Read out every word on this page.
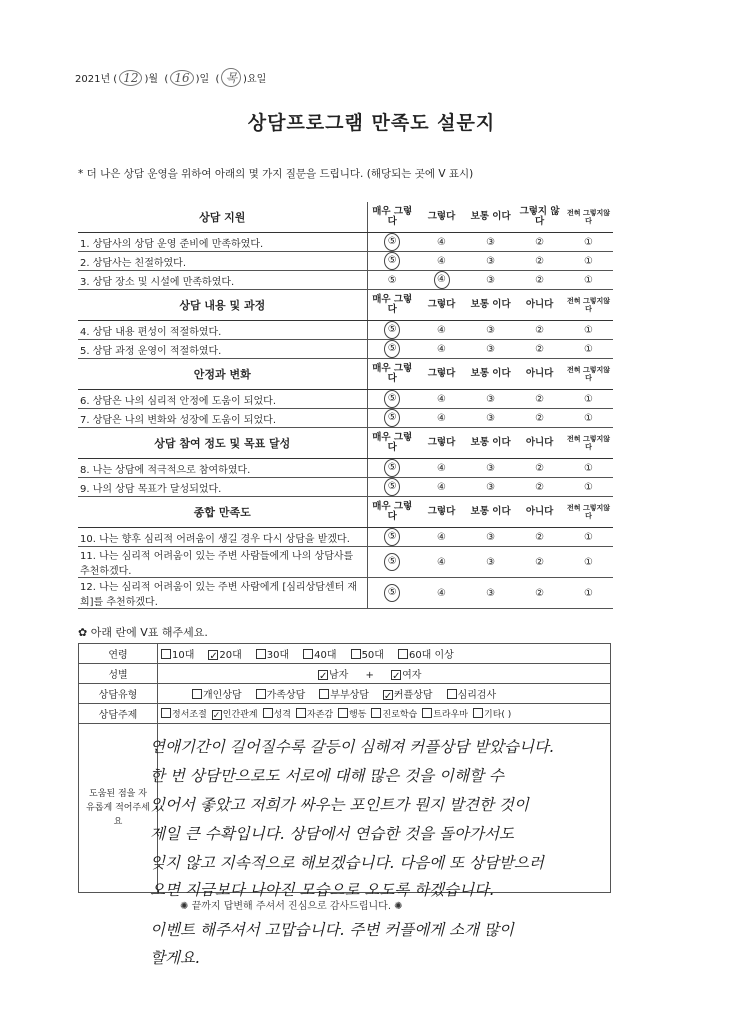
2021년 ( 12 )월  ( 16 )일  ( 목 )요일
상담프로그램 만족도 설문지
* 더 나은 상담 운영을 위하여 아래의 몇 가지 질문을 드립니다. (해당되는 곳에 V 표시)
상담 지원	매우 그렇다	그렇다	보통 이다	그렇지 않다	전혀 그렇지않다
1. 상담사의 상담 운영 준비에 만족하였다.	⑤	④	③	②	①
2. 상담사는 친절하였다.	⑤	④	③	②	①
3. 상담 장소 및 시설에 만족하였다.	⑤	④	③	②	①
상담 내용 및 과정	매우 그렇다	그렇다	보통 이다	아니다	전혀 그렇지않다
4. 상담 내용 편성이 적절하였다.	⑤	④	③	②	①
5. 상담 과정 운영이 적절하였다.	⑤	④	③	②	①
안정과 변화	매우 그렇다	그렇다	보통 이다	아니다	전혀 그렇지않다
6. 상담은 나의 심리적 안정에 도움이 되었다.	⑤	④	③	②	①
7. 상담은 나의 변화와 성장에 도움이 되었다.	⑤	④	③	②	①
상담 참여 정도 및 목표 달성	매우 그렇다	그렇다	보통 이다	아니다	전혀 그렇지않다
8. 나는 상담에 적극적으로 참여하였다.	⑤	④	③	②	①
9. 나의 상담 목표가 달성되었다.	⑤	④	③	②	①
종합 만족도	매우 그렇다	그렇다	보통 이다	아니다	전혀 그렇지않다
10. 나는 향후 심리적 어려움이 생길 경우 다시 상담을 받겠다.	⑤	④	③	②	①
11. 나는 심리적 어려움이 있는 주변 사람들에게 나의 상담사를 추천하겠다.	⑤	④	③	②	①
12. 나는 심리적 어려움이 있는 주변 사람에게 [심리상담센터 재희]를 추천하겠다.	⑤	④	③	②	①
✿ 아래 란에 V표 해주세요.
연령	10대 ✓ 20대 30대 40대 50대 60대 이상
성별	✓ 남자 + ✓ 여자
상담유형	개인상담 가족상담 부부상담 ✓ 커플상담 심리검사
상담주제	정서조절 ✓ 인간관계 성격 자존감 행동 진로학습 트라우마 기타( )
도움된 점을 자유롭게 적어주세요	
연애기간이 길어질수록 갈등이 심해져 커플상담 받았습니다.
한 번 상담만으로도 서로에 대해 많은 것을 이해할 수
있어서 좋았고 저희가 싸우는 포인트가 뭔지 발견한 것이
제일 큰 수확입니다. 상담에서 연습한 것을 돌아가서도
잊지 않고 지속적으로 해보겠습니다. 다음에 또 상담받으러
오면 지금보다 나아진 모습으로 오도록 하겠습니다.
이벤트 해주셔서 고맙습니다. 주변 커플에게 소개 많이
할게요.
✺ 끝까지 답변해 주셔서 진심으로 감사드립니다. ✺
